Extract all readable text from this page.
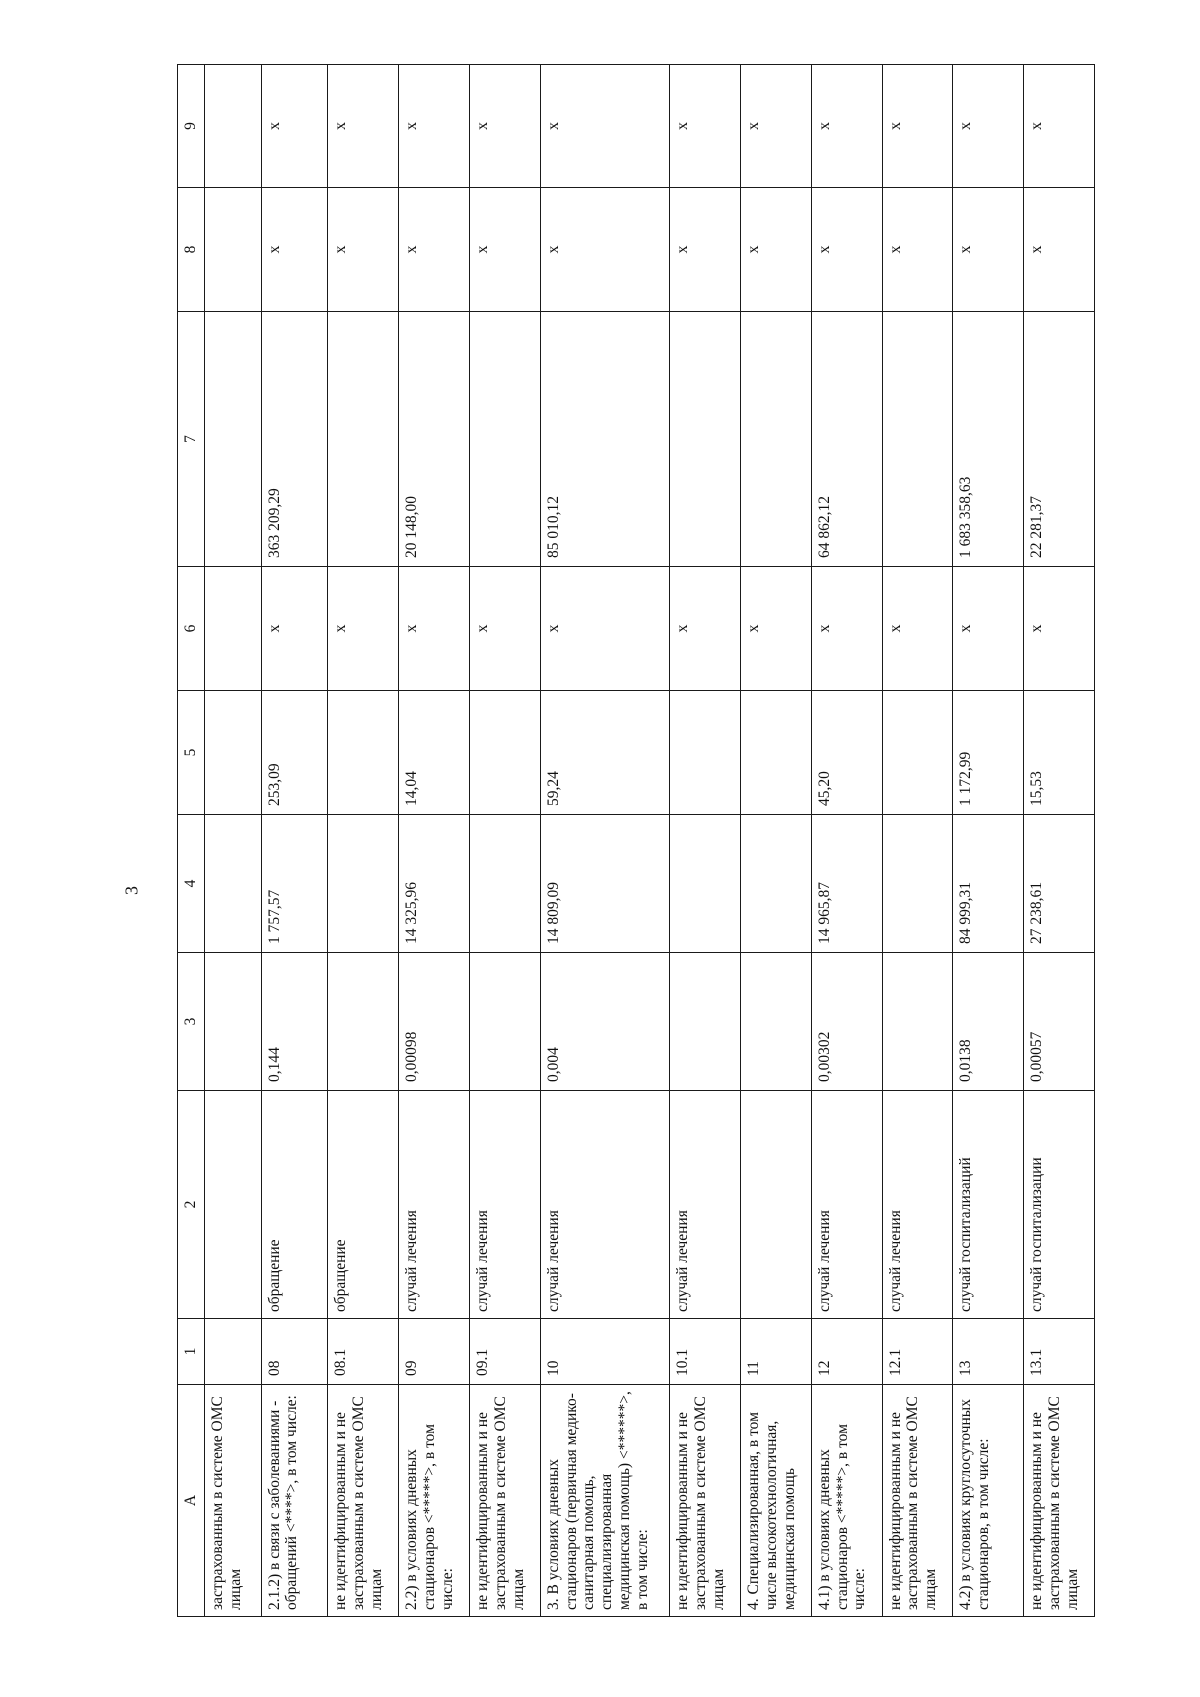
3
A	1	2	3	4	5	6	7	8	9
застрахованным в системе ОМС лицам									
2.1.2) в связи с заболеваниями - обращений <****>, в том числе:	08	обращение	0,144	1 757,57	253,09	х	363 209,29	х	х
не идентифицированным и не застрахованным в системе ОМС лицам	08.1	обращение				х		х	х
2.2) в условиях дневных стационаров <*****>, в том числе:	09	случай лечения	0,00098	14 325,96	14,04	х	20 148,00	х	х
не идентифицированным и не застрахованным в системе ОМС лицам	09.1	случай лечения				х		х	х
3. В условиях дневных стационаров (первичная медико-санитарная помощь, специализированная медицинская помощь) <******>, в том числе:	10	случай лечения	0,004	14 809,09	59,24	х	85 010,12	х	х
не идентифицированным и не застрахованным в системе ОМС лицам	10.1	случай лечения				х		х	х
4. Специализированная, в том числе высокотехнологичная, медицинская помощь	11					х		х	х
4.1) в условиях дневных стационаров <*****>, в том числе:	12	случай лечения	0,00302	14 965,87	45,20	х	64 862,12	х	х
не идентифицированным и не застрахованным в системе ОМС лицам	12.1	случай лечения				х		х	х
4.2) в условиях круглосуточных стационаров, в том числе:	13	случай госпитализаций	0,0138	84 999,31	1 172,99	х	1 683 358,63	х	х
не идентифицированным и не застрахованным в системе ОМС лицам	13.1	случай госпитализации	0,00057	27 238,61	15,53	х	22 281,37	х	х
